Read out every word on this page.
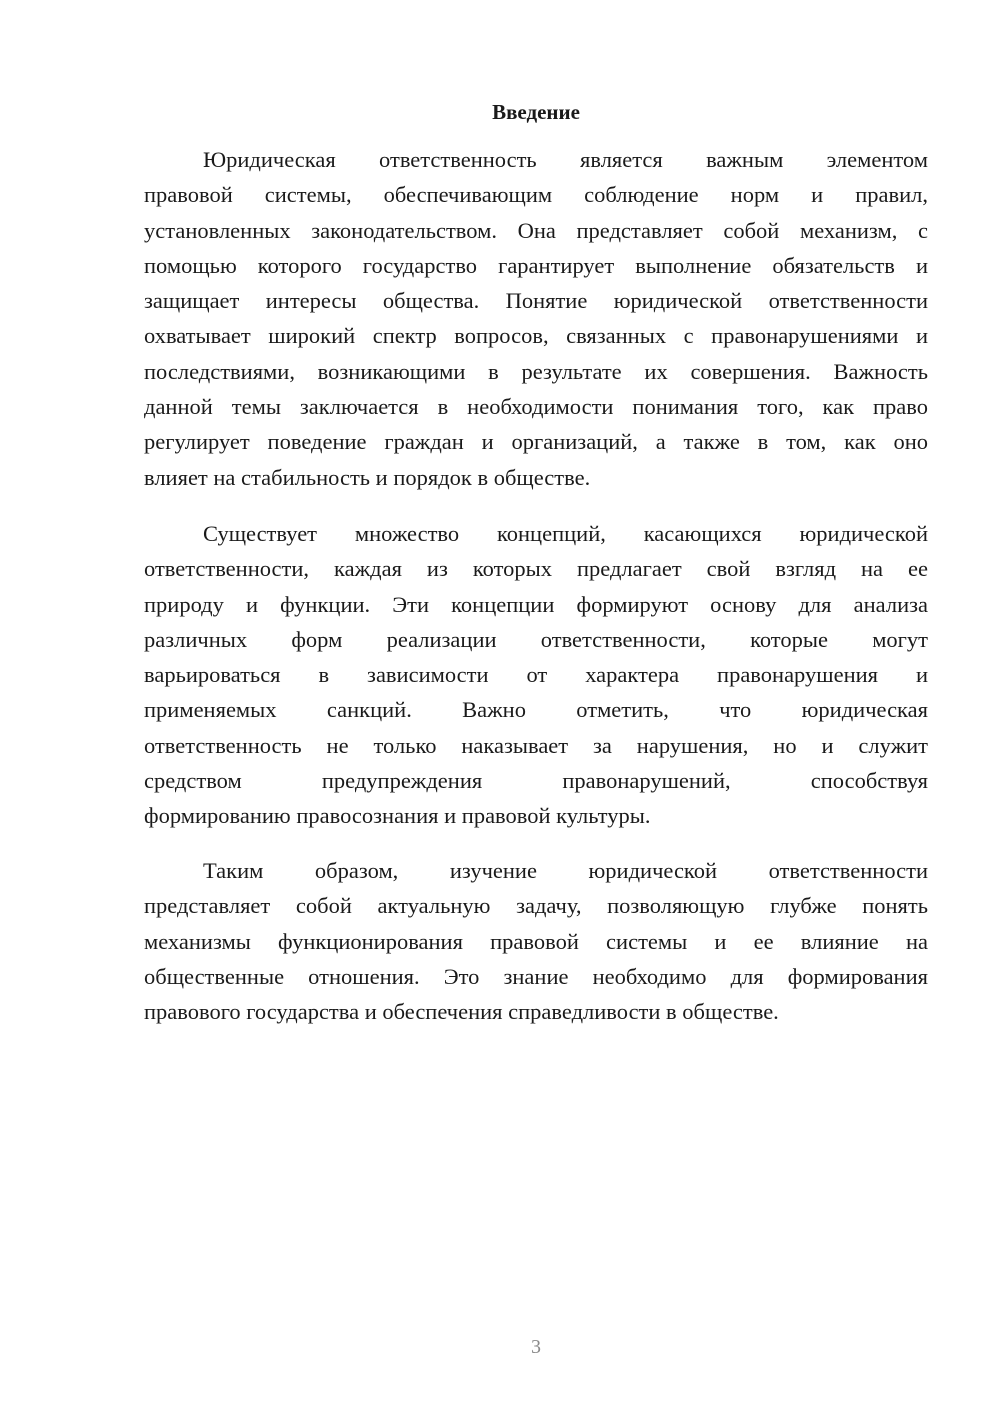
Введение
Юридическая ответственность является важным элементом
правовой системы, обеспечивающим соблюдение норм и правил,
установленных законодательством. Она представляет собой механизм, с
помощью которого государство гарантирует выполнение обязательств и
защищает интересы общества. Понятие юридической ответственности
охватывает широкий спектр вопросов, связанных с правонарушениями и
последствиями, возникающими в результате их совершения. Важность
данной темы заключается в необходимости понимания того, как право
регулирует поведение граждан и организаций, а также в том, как оно
влияет на стабильность и порядок в обществе.
Существует множество концепций, касающихся юридической
ответственности, каждая из которых предлагает свой взгляд на ее
природу и функции. Эти концепции формируют основу для анализа
различных форм реализации ответственности, которые могут
варьироваться в зависимости от характера правонарушения и
применяемых санкций. Важно отметить, что юридическая
ответственность не только наказывает за нарушения, но и служит
средством предупреждения правонарушений, способствуя
формированию правосознания и правовой культуры.
Таким образом, изучение юридической ответственности
представляет собой актуальную задачу, позволяющую глубже понять
механизмы функционирования правовой системы и ее влияние на
общественные отношения. Это знание необходимо для формирования
правового государства и обеспечения справедливости в обществе.
3
